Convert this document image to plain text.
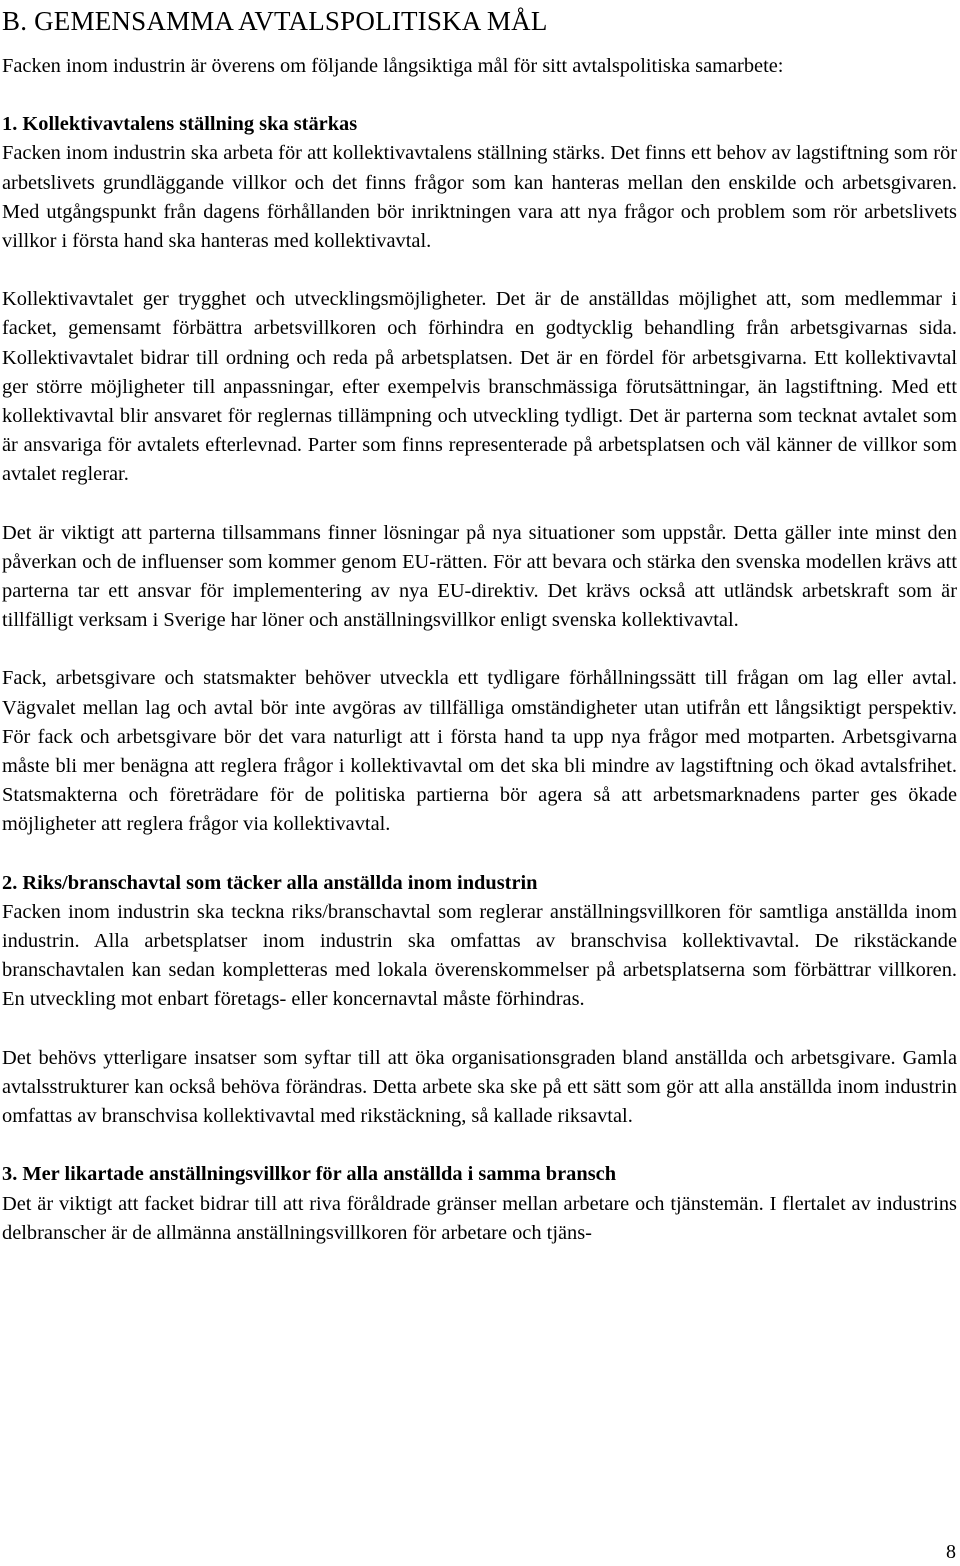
B. GEMENSAMMA AVTALSPOLITISKA MÅL

Facken inom industrin är överens om följande långsiktiga mål för sitt avtalspolitiska samarbete:

1. Kollektivavtalens ställning ska stärkas

Facken inom industrin ska arbeta för att kollektivavtalens ställning stärks. Det finns ett behov av lagstiftning som rör arbetslivets grundläggande villkor och det finns frågor som kan hanteras mellan den enskilde och arbetsgivaren. Med utgångspunkt från dagens förhållanden bör inriktningen vara att nya frågor och problem som rör arbetslivets villkor i första hand ska hanteras med kollektivavtal.

Kollektivavtalet ger trygghet och utvecklingsmöjligheter. Det är de anställdas möjlighet att, som medlemmar i facket, gemensamt förbättra arbetsvillkoren och förhindra en godtycklig behandling från arbetsgivarnas sida. Kollektivavtalet bidrar till ordning och reda på arbetsplatsen. Det är en fördel för arbetsgivarna. Ett kollektivavtal ger större möjligheter till anpassningar, efter exempelvis branschmässiga förutsättningar, än lagstiftning. Med ett kollektivavtal blir ansvaret för reglernas tillämpning och utveckling tydligt. Det är parterna som tecknat avtalet som är ansvariga för avtalets efterlevnad. Parter som finns representerade på arbetsplatsen och väl känner de villkor som avtalet reglerar.

Det är viktigt att parterna tillsammans finner lösningar på nya situationer som uppstår. Detta gäller inte minst den påverkan och de influenser som kommer genom EU-rätten. För att bevara och stärka den svenska modellen krävs att parterna tar ett ansvar för implementering av nya EU-direktiv. Det krävs också att utländsk arbetskraft som är tillfälligt verksam i Sverige har löner och anställningsvillkor enligt svenska kollektivavtal.

Fack, arbetsgivare och statsmakter behöver utveckla ett tydligare förhållningssätt till frågan om lag eller avtal. Vägvalet mellan lag och avtal bör inte avgöras av tillfälliga omständigheter utan utifrån ett långsiktigt perspektiv. För fack och arbetsgivare bör det vara naturligt att i första hand ta upp nya frågor med motparten. Arbetsgivarna måste bli mer benägna att reglera frågor i kollektivavtal om det ska bli mindre av lagstiftning och ökad avtalsfrihet. Statsmakterna och företrädare för de politiska partierna bör agera så att arbetsmarknadens parter ges ökade möjligheter att reglera frågor via kollektivavtal.

2. Riks/branschavtal som täcker alla anställda inom industrin

Facken inom industrin ska teckna riks/branschavtal som reglerar anställningsvillkoren för samtliga anställda inom industrin. Alla arbetsplatser inom industrin ska omfattas av branschvisa kollektivavtal. De rikstäckande branschavtalen kan sedan kompletteras med lokala överenskommelser på arbetsplatserna som förbättrar villkoren. En utveckling mot enbart företags- eller koncernavtal måste förhindras.

Det behövs ytterligare insatser som syftar till att öka organisationsgraden bland anställda och arbetsgivare. Gamla avtalsstrukturer kan också behöva förändras. Detta arbete ska ske på ett sätt som gör att alla anställda inom industrin omfattas av branschvisa kollektivavtal med rikstäckning, så kallade riksavtal.

3. Mer likartade anställningsvillkor för alla anställda i samma bransch

Det är viktigt att facket bidrar till att riva föråldrade gränser mellan arbetare och tjänstemän. I flertalet av industrins delbranscher är de allmänna anställningsvillkoren för arbetare och tjäns-

8
